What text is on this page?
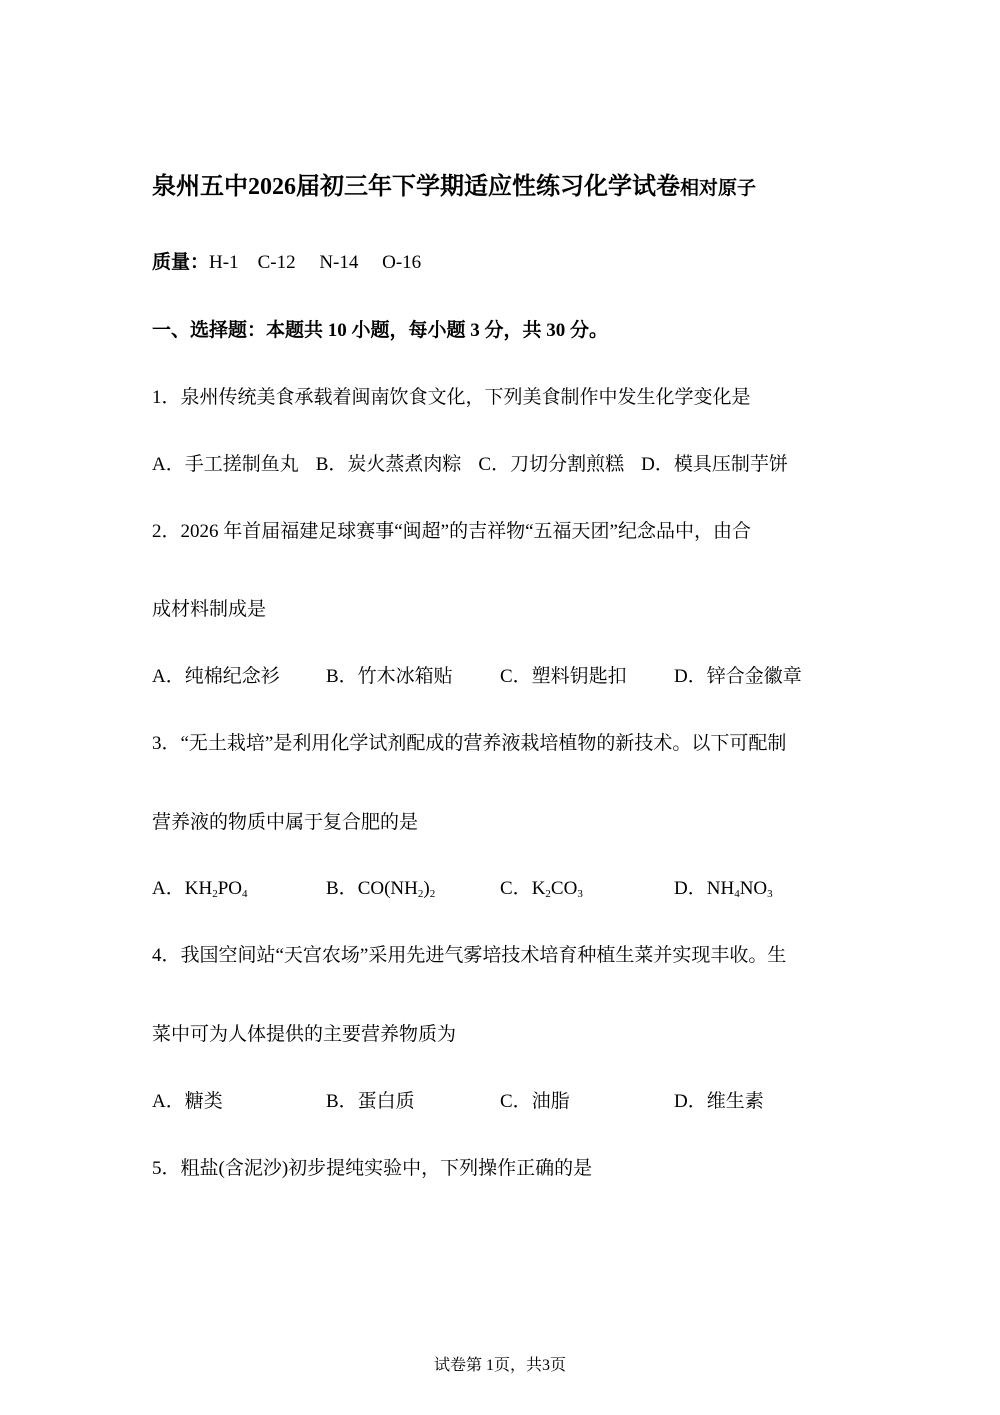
泉州五中2026届初三年下学期适应性练习化学试卷相对原子
质量：H-1    C-12     N-14     O-16
一、选择题：本题共 10 小题，每小题 3 分，共 30 分。
1．泉州传统美食承载着闽南饮食文化，下列美食制作中发生化学变化是
A．手工搓制鱼丸 B．炭火蒸煮肉粽 C．刀切分割煎糕 D．模具压制芋饼
2．2026 年首届福建足球赛事“闽超”的吉祥物“五福天团”纪念品中，由合
成材料制成是
A．纯棉纪念衫 B．竹木冰箱贴 C．塑料钥匙扣 D．锌合金徽章
3．“无土栽培”是利用化学试剂配成的营养液栽培植物的新技术。以下可配制
营养液的物质中属于复合肥的是
A．$KH_2PO_4$	B．$CO(NH_2)_2$	C．$K_2CO_3$	D．$NH_4NO_3$
4．我国空间站“天宫农场”采用先进气雾培技术培育种植生菜并实现丰收。生
菜中可为人体提供的主要营养物质为
A．糖类	B．蛋白质	C．油脂	D．维生素
5．粗盐(含泥沙)初步提纯实验中，下列操作正确的是
试卷第 1页，共3页
